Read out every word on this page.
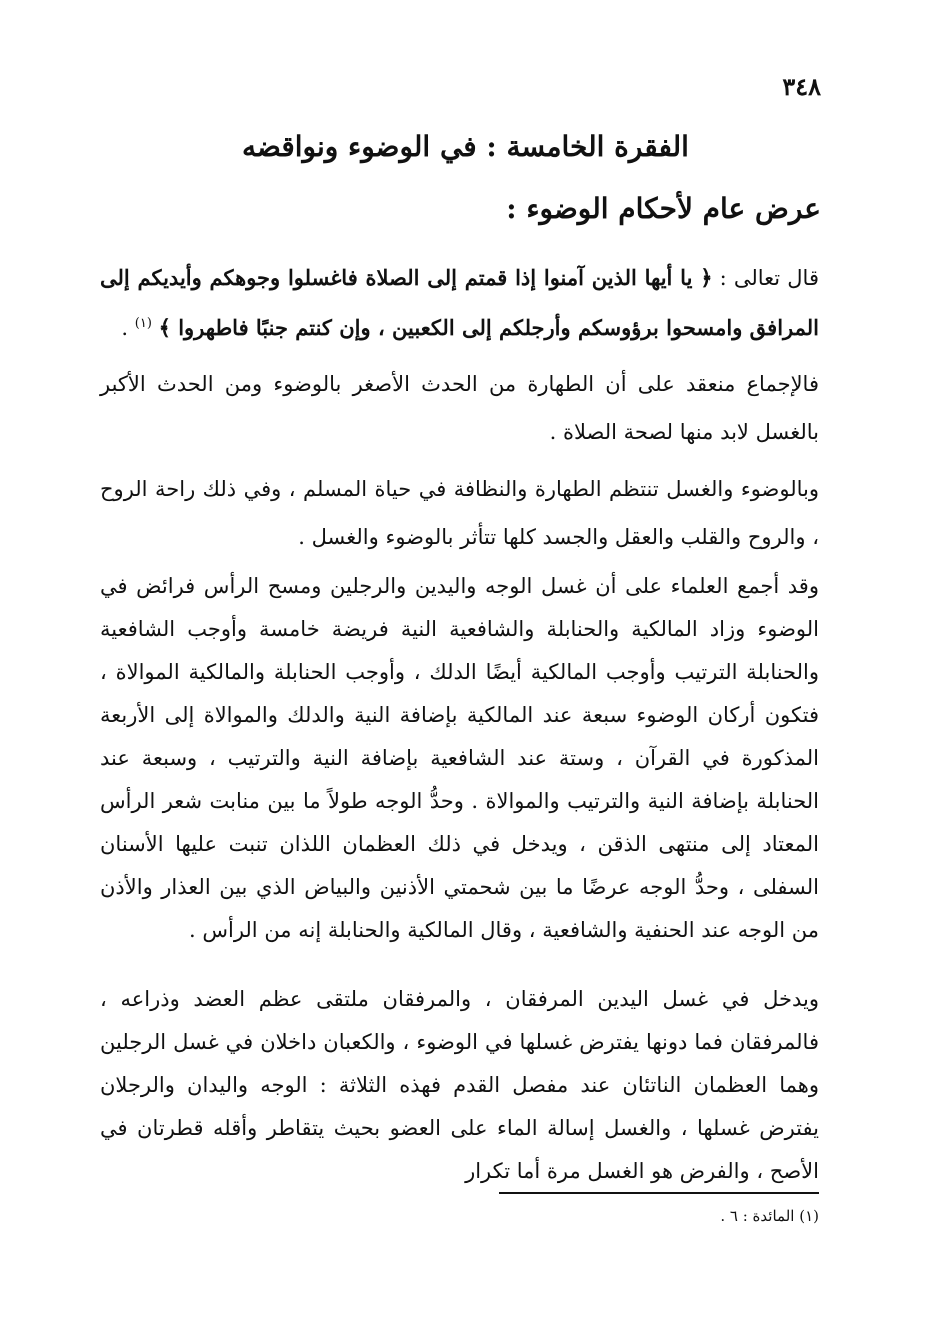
٣٤٨
الفقرة الخامسة : في الوضوء ونواقضه
عرض عام لأحكام الوضوء :
قال تعالى : ﴿ يا أيها الذين آمنوا إذا قمتم إلى الصلاة فاغسلوا وجوهكم وأيديكم إلى المرافق وامسحوا برؤوسكم وأرجلكم إلى الكعبين ، وإن كنتم جنبًا فاطهروا ﴾ $^{(١)}$ .
فالإجماع منعقد على أن الطهارة من الحدث الأصغر بالوضوء ومن الحدث الأكبر بالغسل لابد منها لصحة الصلاة .
وبالوضوء والغسل تنتظم الطهارة والنظافة في حياة المسلم ، وفي ذلك راحة الروح ، والروح والقلب والعقل والجسد كلها تتأثر بالوضوء والغسل .
وقد أجمع العلماء على أن غسل الوجه واليدين والرجلين ومسح الرأس فرائض في الوضوء وزاد المالكية والحنابلة والشافعية النية فريضة خامسة وأوجب الشافعية والحنابلة الترتيب وأوجب المالكية أيضًا الدلك ، وأوجب الحنابلة والمالكية الموالاة ، فتكون أركان الوضوء سبعة عند المالكية بإضافة النية والدلك والموالاة إلى الأربعة المذكورة في القرآن ، وستة عند الشافعية بإضافة النية والترتيب ، وسبعة عند الحنابلة بإضافة النية والترتيب والموالاة . وحدُّ الوجه طولاً ما بين منابت شعر الرأس المعتاد إلى منتهى الذقن ، ويدخل في ذلك العظمان اللذان تنبت عليها الأسنان السفلى ، وحدُّ الوجه عرضًا ما بين شحمتي الأذنين والبياض الذي بين العذار والأذن من الوجه عند الحنفية والشافعية ، وقال المالكية والحنابلة إنه من الرأس .
ويدخل في غسل اليدين المرفقان ، والمرفقان ملتقى عظم العضد وذراعه ، فالمرفقان فما دونها يفترض غسلها في الوضوء ، والكعبان داخلان في غسل الرجلين وهما العظمان الناتئان عند مفصل القدم فهذه الثلاثة : الوجه واليدان والرجلان يفترض غسلها ، والغسل إسالة الماء على العضو بحيث يتقاطر وأقله قطرتان في الأصح ، والفرض هو الغسل مرة أما تكرار
(١) المائدة : ٦ .
